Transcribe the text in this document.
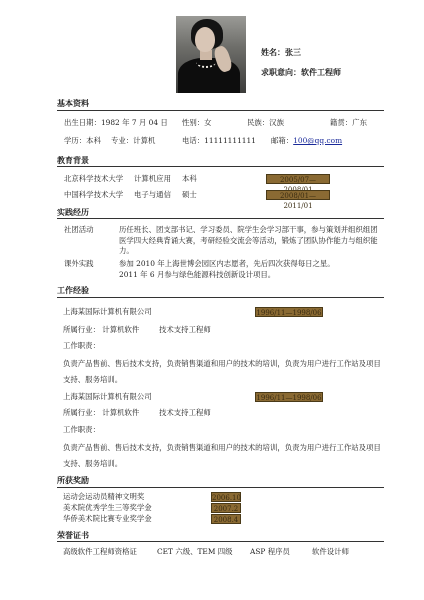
姓名：张三
求职意向：软件工程师
基本资料
出生日期：1982 年 7 月 04 日 性别：女	民族：汉族	籍贯：广东
学历：本科 专业：计算机	电话：11111111111 邮箱：100@qq.com
教育背景
北京科学技术大学 计算机应用 本科	2005/07—
中国科学技术大学 电子与通信 硕士	2008/01—2011/01
实践经历
社团活动	历任班长、团支部书记、学习委员、院学生会学习部干事，参与策划并组织组团医学四大经典背诵大赛，考研经验交流会等活动，锻炼了团队协作能力与组织能力。
课外实践	参加 2010 年上海世博会园区内志愿者，先后四次获得每日之星。
2011 年 6 月参与绿色能源科技创新设计项目。
工作经验
上海某国际计算机有限公司	1996/11—1998/06
所属行业： 计算机软件	技术支持工程师
工作职责：
负责产品售前、售后技术支持，负责销售渠道和用户的技术的培训，负责为用户进行工作站及项目支持、服务培训。
上海某国际计算机有限公司	1996/11—1998/06
所属行业： 计算机软件	技术支持工程师
工作职责：
负责产品售前、售后技术支持，负责销售渠道和用户的技术的培训，负责为用户进行工作站及项目支持、服务培训。
所获奖励
运动会运动员精神文明奖	2006.10
美术院优秀学生三等奖学金	2007.2
华侨美术院比赛专业奖学金	2008.4
荣誉证书
高级软件工程师资格证	CET 六级、TEM 四级 ASP 程序员	软件设计师
